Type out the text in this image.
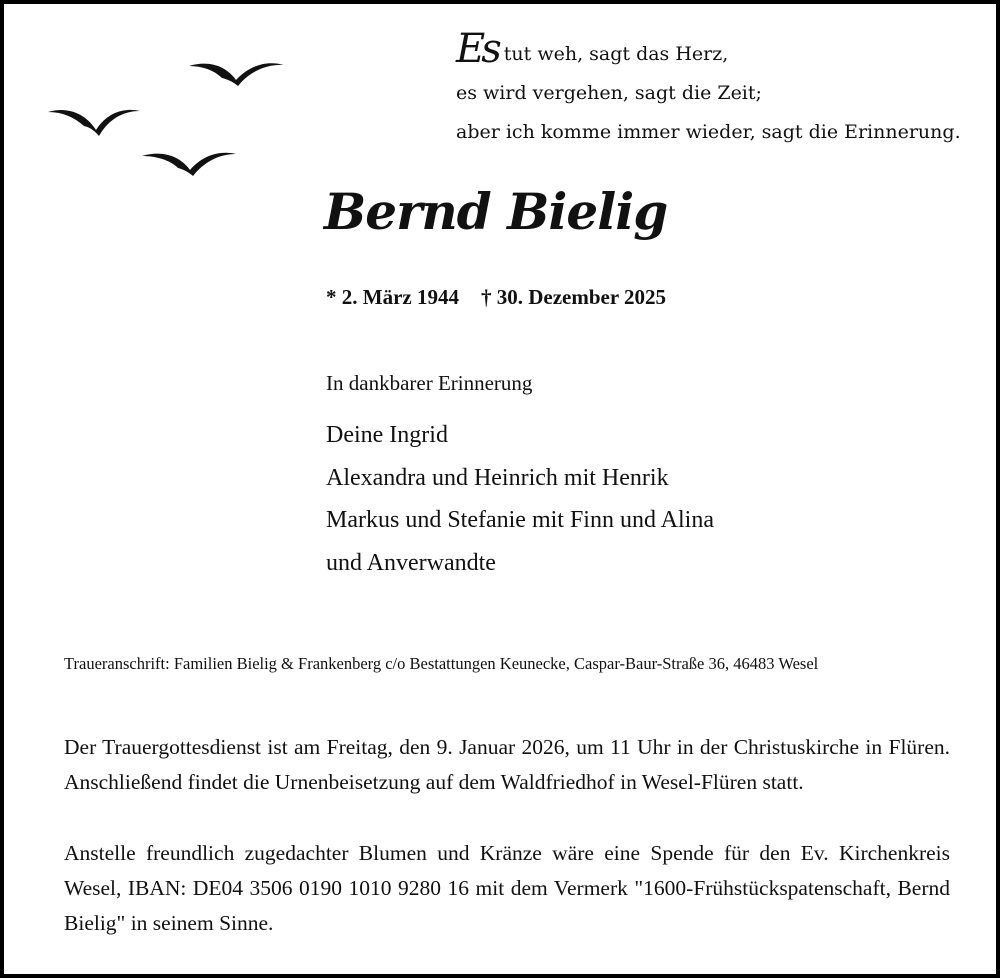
Es tut weh, sagt das Herz,
es wird vergehen, sagt die Zeit;
aber ich komme immer wieder, sagt die Erinnerung.
Bernd Bielig
* 2. März 1944 † 30. Dezember 2025
In dankbarer Erinnerung
Deine Ingrid
Alexandra und Heinrich mit Henrik
Markus und Stefanie mit Finn und Alina
und Anverwandte
Traueranschrift: Familien Bielig & Frankenberg c/o Bestattungen Keunecke, Caspar-Baur-Straße 36, 46483 Wesel
Der Trauergottesdienst ist am Freitag, den 9. Januar 2026, um 11 Uhr in der Christuskirche in Flüren. Anschließend findet die Urnenbeisetzung auf dem Waldfriedhof in Wesel-Flüren statt.
Anstelle freundlich zugedachter Blumen und Kränze wäre eine Spende für den Ev. Kirchenkreis Wesel, IBAN: DE04 3506 0190 1010 9280 16 mit dem Vermerk "1600-Frühstückspatenschaft, Bernd Bielig" in seinem Sinne.
